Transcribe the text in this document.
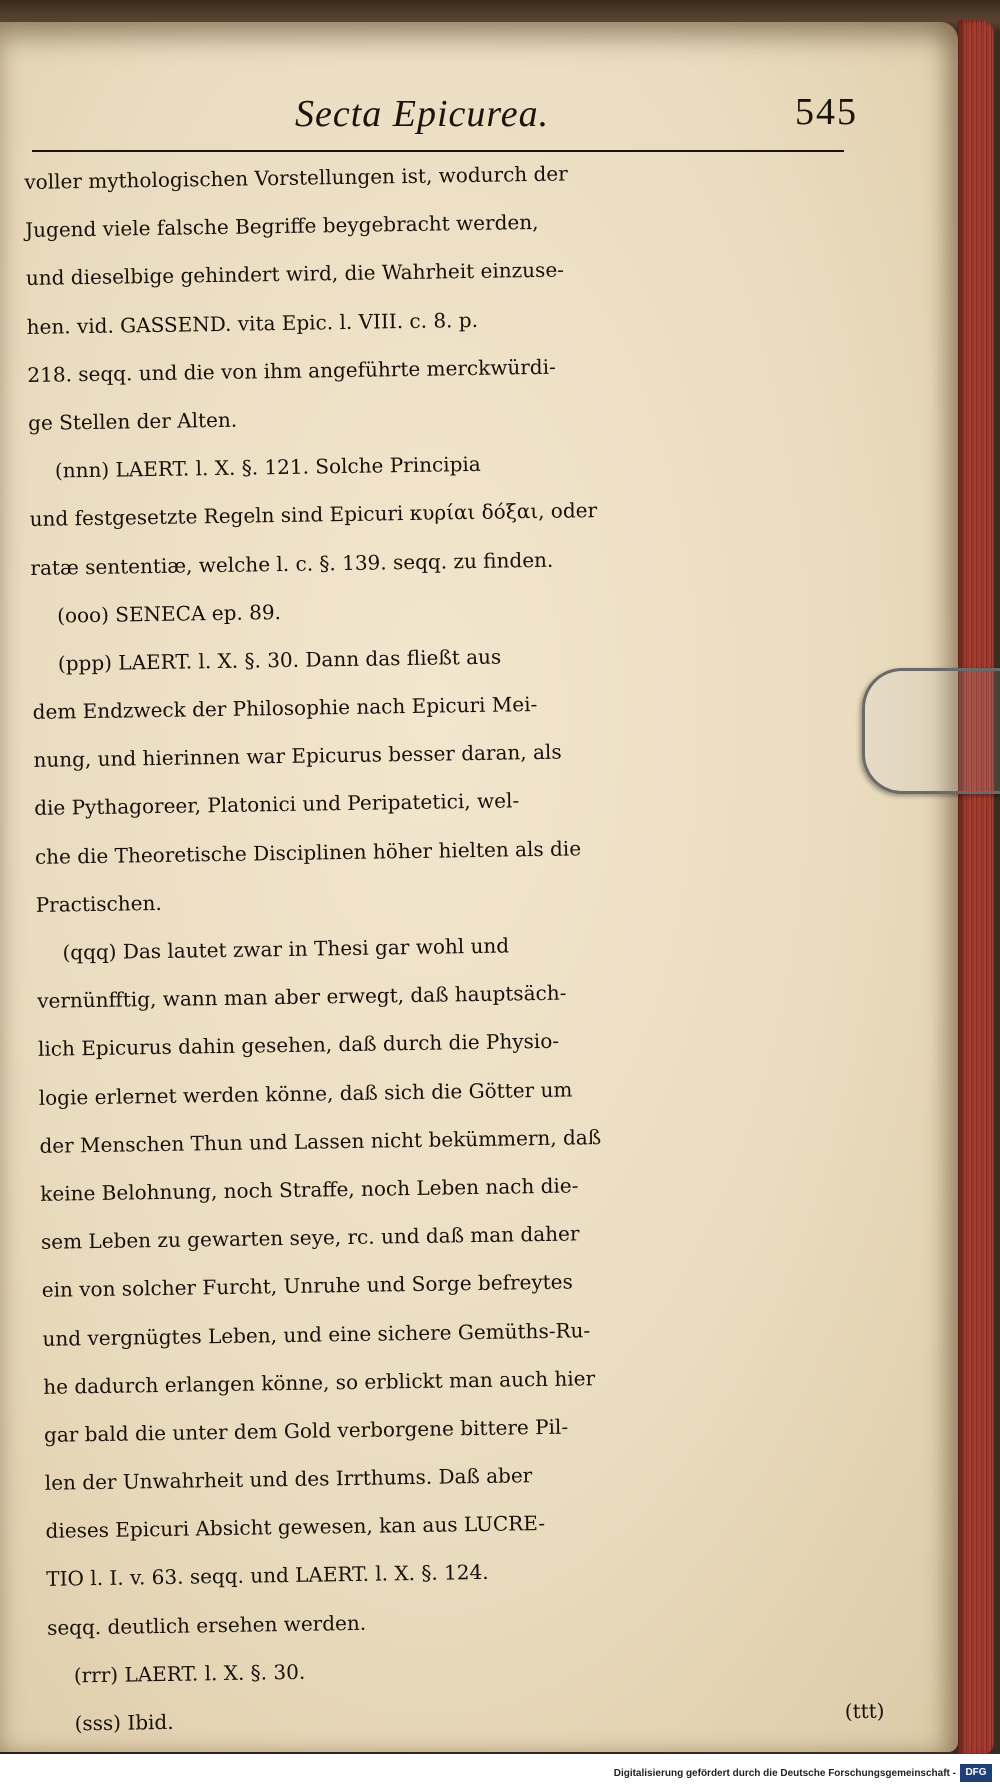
Secta Epicurea.	545
voller mythologischen Vorstellungen ist, wodurch der
Jugend viele falsche Begriffe beygebracht werden,
und dieselbige gehindert wird, die Wahrheit einzuse-
hen. vid. GASSEND. vita Epic. l. VIII. c. 8. p.
218. seqq. und die von ihm angeführte merckwürdi-
ge Stellen der Alten.
(nnn) LAERT. l. X. §. 121. Solche Principia
und festgesetzte Regeln sind Epicuri κυρίαι δόξαι, oder
ratæ sententiæ, welche l. c. §. 139. seqq. zu finden.
(ooo) SENECA ep. 89.
(ppp) LAERT. l. X. §. 30. Dann das fließt aus
dem Endzweck der Philosophie nach Epicuri Mei-
nung, und hierinnen war Epicurus besser daran, als
die Pythagoreer, Platonici und Peripatetici, wel-
che die Theoretische Disciplinen höher hielten als die
Practischen.
(qqq) Das lautet zwar in Thesi gar wohl und
vernünfftig, wann man aber erwegt, daß hauptsäch-
lich Epicurus dahin gesehen, daß durch die Physio-
logie erlernet werden könne, daß sich die Götter um
der Menschen Thun und Lassen nicht bekümmern, daß
keine Belohnung, noch Straffe, noch Leben nach die-
sem Leben zu gewarten seye, rc. und daß man daher
ein von solcher Furcht, Unruhe und Sorge befreytes
und vergnügtes Leben, und eine sichere Gemüths-Ru-
he dadurch erlangen könne, so erblickt man auch hier
gar bald die unter dem Gold verborgene bittere Pil-
len der Unwahrheit und des Irrthums. Daß aber
dieses Epicuri Absicht gewesen, kan aus LUCRE-
TIO l. I. v. 63. seqq. und LAERT. l. X. §. 124.
seqq. deutlich ersehen werden.
(rrr) LAERT. l. X. §. 30.
(sss) Ibid.	(ttt)
Digitalisierung gefördert durch die Deutsche Forschungsgemeinschaft - DFG
